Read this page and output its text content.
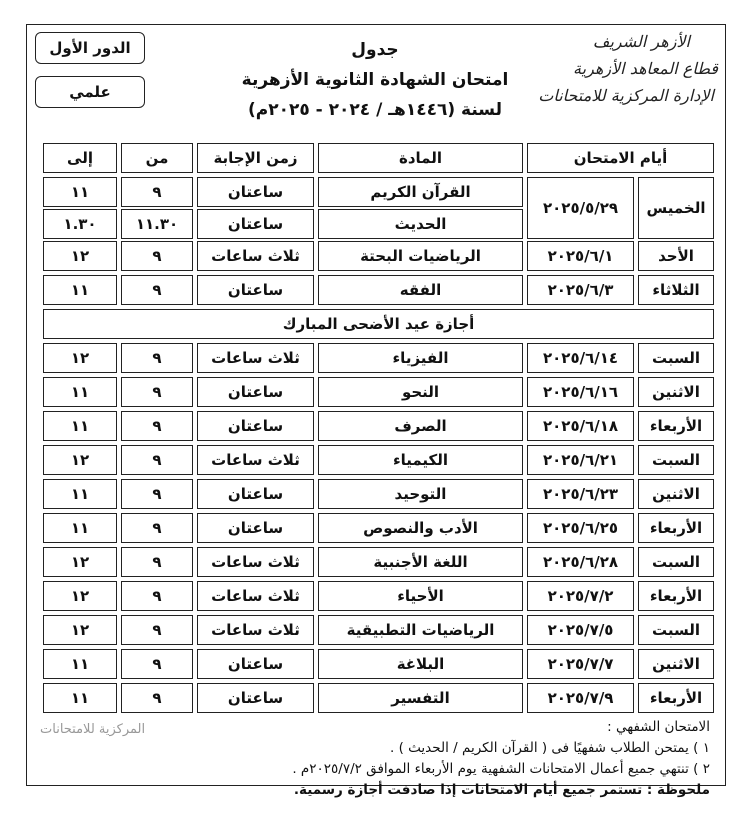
الدور الأول
علمي
جدول
امتحان الشهادة الثانوية الأزهرية
لسنة (١٤٤٦هـ / ٢٠٢٤ - ٢٠٢٥م)
الأزهر الشريف
قطاع المعاهد الأزهرية
الإدارة المركزية للامتحانات
أيام الامتحان
المادة
زمن الإجابة
من
إلى
الخميس
٢٠٢٥/٥/٢٩
القرآن الكريم
ساعتان
٩
١١
الحديث
ساعتان
١١.٣٠
١.٣٠
الأحد
٢٠٢٥/٦/١
الرياضيات البحتة
ثلاث ساعات
٩
١٢
الثلاثاء
٢٠٢٥/٦/٣
الفقه
ساعتان
٩
١١
أجازة عيد الأضحى المبارك
السبت
٢٠٢٥/٦/١٤
الفيزياء
ثلاث ساعات
٩
١٢
الاثنين
٢٠٢٥/٦/١٦
النحو
ساعتان
٩
١١
الأربعاء
٢٠٢٥/٦/١٨
الصرف
ساعتان
٩
١١
السبت
٢٠٢٥/٦/٢١
الكيمياء
ثلاث ساعات
٩
١٢
الاثنين
٢٠٢٥/٦/٢٣
التوحيد
ساعتان
٩
١١
الأربعاء
٢٠٢٥/٦/٢٥
الأدب والنصوص
ساعتان
٩
١١
السبت
٢٠٢٥/٦/٢٨
اللغة الأجنبية
ثلاث ساعات
٩
١٢
الأربعاء
٢٠٢٥/٧/٢
الأحياء
ثلاث ساعات
٩
١٢
السبت
٢٠٢٥/٧/٥
الرياضيات التطبيقية
ثلاث ساعات
٩
١٢
الاثنين
٢٠٢٥/٧/٧
البلاغة
ساعتان
٩
١١
الأربعاء
٢٠٢٥/٧/٩
التفسير
ساعتان
٩
١١
المركزية للامتحانات	الامتحان الشفهي :
١ ) يمتحن الطلاب شفهيًا فى ( القرآن الكريم / الحديث ) .
٢ ) تنتهي جميع أعمال الامتحانات الشفهية يوم الأربعاء الموافق ٢٠٢٥/٧/٢م .
ملحوظة : تستمر جميع أيام الامتحانات إذا صادفت أجازة رسمية.
